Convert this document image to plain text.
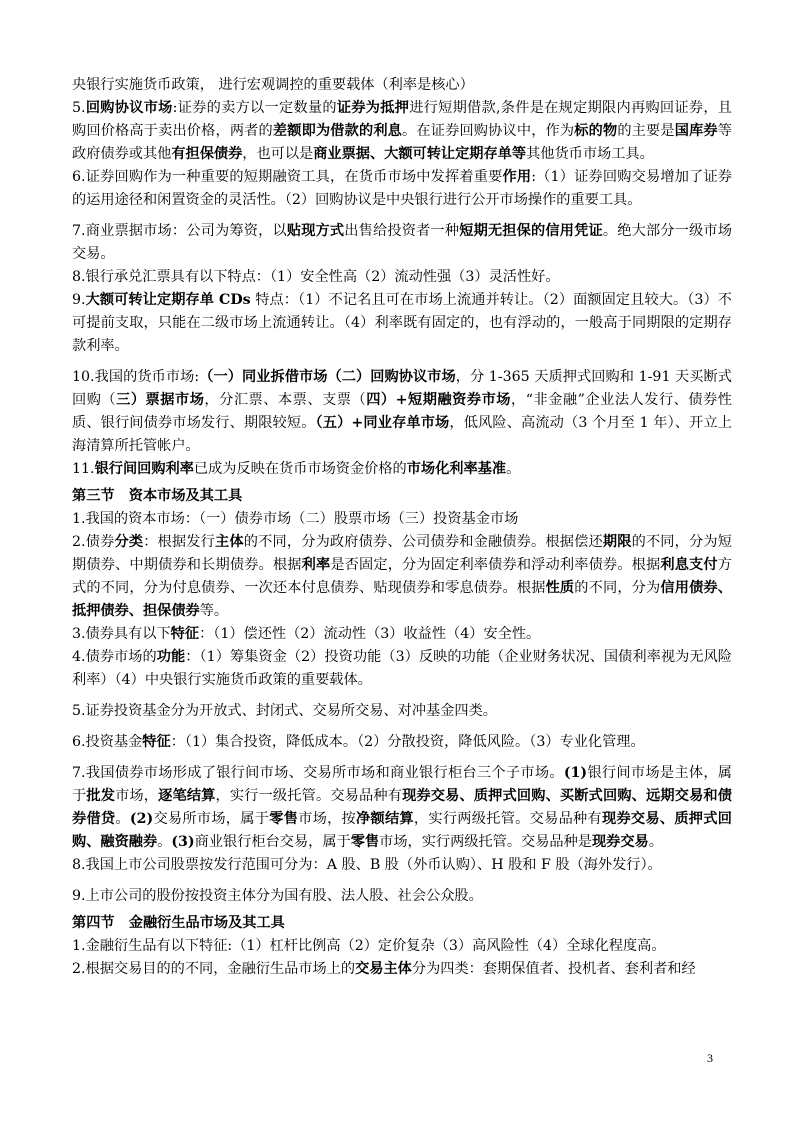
央银行实施货币政策， 进行宏观调控的重要载体（利率是核心）

5.回购协议市场:证券的卖方以一定数量的证券为抵押进行短期借款,条件是在规定期限内再购回证券，且购回价格高于卖出价格，两者的差额即为借款的利息。在证券回购协议中，作为标的物的主要是国库券等政府债券或其他有担保债券，也可以是商业票据、大额可转让定期存单等其他货币市场工具。

6.证券回购作为一种重要的短期融资工具，在货币市场中发挥着重要作用:（1）证券回购交易增加了证券的运用途径和闲置资金的灵活性。（2）回购协议是中央银行进行公开市场操作的重要工具。

7.商业票据市场：公司为筹资，以贴现方式出售给投资者一种短期无担保的信用凭证。绝大部分一级市场交易。

8.银行承兑汇票具有以下特点：（1）安全性高（2）流动性强（3）灵活性好。

9.大额可转让定期存单 CDs 特点：（1）不记名且可在市场上流通并转让。（2）面额固定且较大。（3）不可提前支取，只能在二级市场上流通转让。（4）利率既有固定的，也有浮动的，一般高于同期限的定期存款利率。

10.我国的货币市场:（一）同业拆借市场（二）回购协议市场，分 1-365 天质押式回购和 1-91 天买断式回购（三）票据市场，分汇票、本票、支票（四）+短期融资券市场，“非金融”企业法人发行、债券性质、银行间债券市场发行、期限较短。（五）+同业存单市场，低风险、高流动（3 个月至 1 年）、开立上海清算所托管帐户。

11.银行间回购利率已成为反映在货币市场资金价格的市场化利率基准。

第三节　资本市场及其工具

1.我国的资本市场：（一）债券市场（二）股票市场（三）投资基金市场

2.债券分类：根据发行主体的不同，分为政府债券、公司债券和金融债券。根据偿还期限的不同，分为短期债券、中期债券和长期债券。根据利率是否固定，分为固定利率债券和浮动利率债券。根据利息支付方式的不同，分为付息债券、一次还本付息债券、贴现债券和零息债券。根据性质的不同，分为信用债券、抵押债券、担保债券等。

3.债券具有以下特征：（1）偿还性（2）流动性（3）收益性（4）安全性。

4.债券市场的功能：（1）筹集资金（2）投资功能（3）反映的功能（企业财务状况、国债利率视为无风险利率）（4）中央银行实施货币政策的重要载体。

5.证券投资基金分为开放式、封闭式、交易所交易、对冲基金四类。

6.投资基金特征：（1）集合投资，降低成本。（2）分散投资，降低风险。（3）专业化管理。

7.我国债券市场形成了银行间市场、交易所市场和商业银行柜台三个子市场。(1)银行间市场是主体，属于批发市场，逐笔结算，实行一级托管。交易品种有现券交易、质押式回购、买断式回购、远期交易和债券借贷。(2)交易所市场，属于零售市场，按净额结算，实行两级托管。交易品种有现券交易、质押式回购、融资融券。(3)商业银行柜台交易，属于零售市场，实行两级托管。交易品种是现券交易。

8.我国上市公司股票按发行范围可分为：A 股、B 股（外币认购）、H 股和 F 股（海外发行）。

9.上市公司的股份按投资主体分为国有股、法人股、社会公众股。

第四节　金融衍生品市场及其工具

1.金融衍生品有以下特征:（1）杠杆比例高（2）定价复杂（3）高风险性（4）全球化程度高。

2.根据交易目的的不同，金融衍生品市场上的交易主体分为四类：套期保值者、投机者、套利者和经

3
